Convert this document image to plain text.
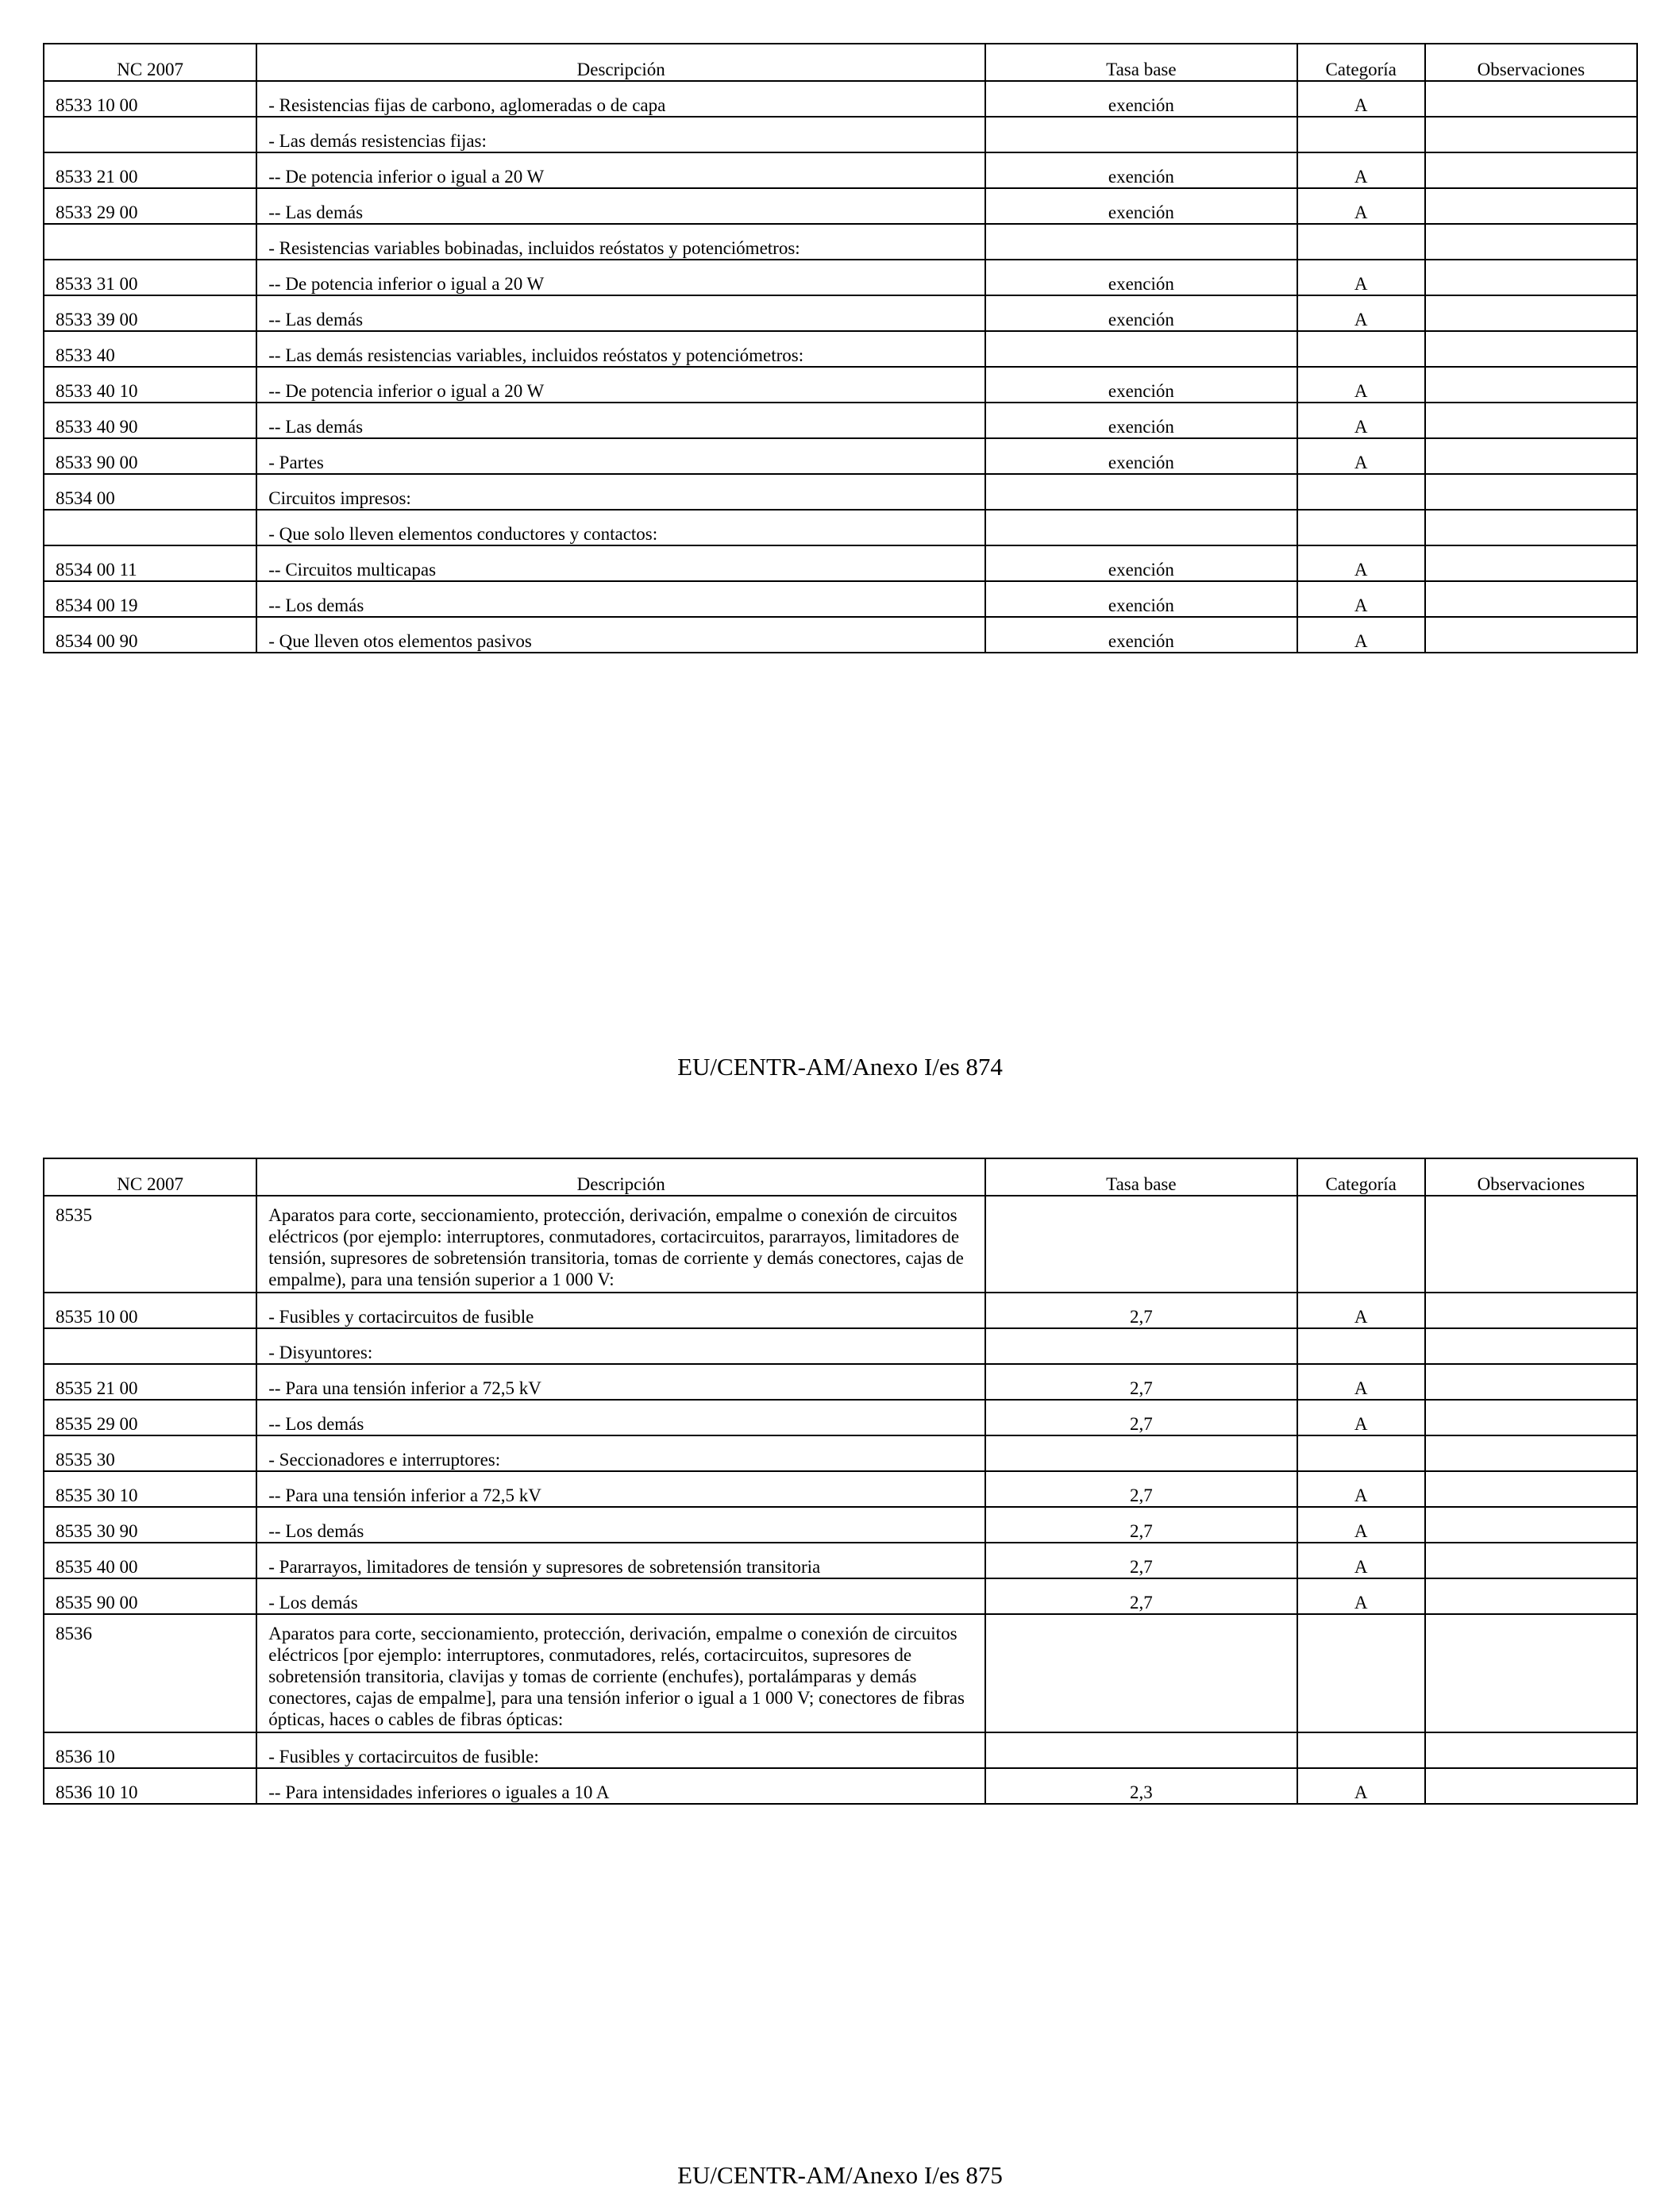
NC 2007	Descripción	Tasa base	Categoría	Observaciones
8533 10 00	- Resistencias fijas de carbono, aglomeradas o de capa	exención	A	
	- Las demás resistencias fijas:			
8533 21 00	-- De potencia inferior o igual a 20 W	exención	A	
8533 29 00	-- Las demás	exención	A	
	- Resistencias variables bobinadas, incluidos reóstatos y potenciómetros:			
8533 31 00	-- De potencia inferior o igual a 20 W	exención	A	
8533 39 00	-- Las demás	exención	A	
8533 40	-- Las demás resistencias variables, incluidos reóstatos y potenciómetros:			
8533 40 10	-- De potencia inferior o igual a 20 W	exención	A	
8533 40 90	-- Las demás	exención	A	
8533 90 00	- Partes	exención	A	
8534 00	Circuitos impresos:			
	- Que solo lleven elementos conductores y contactos:			
8534 00 11	-- Circuitos multicapas	exención	A	
8534 00 19	-- Los demás	exención	A	
8534 00 90	- Que lleven otos elementos pasivos	exención	A	
EU/CENTR-AM/Anexo I/es 874
NC 2007	Descripción	Tasa base	Categoría	Observaciones
8535	Aparatos para corte, seccionamiento, protección, derivación, empalme o conexión de circuitos eléctricos (por ejemplo: interruptores, conmutadores, cortacircuitos, pararrayos, limitadores de tensión, supresores de sobretensión transitoria, tomas de corriente y demás conectores, cajas de empalme), para una tensión superior a 1 000 V:			
8535 10 00	- Fusibles y cortacircuitos de fusible	2,7	A	
	- Disyuntores:			
8535 21 00	-- Para una tensión inferior a 72,5 kV	2,7	A	
8535 29 00	-- Los demás	2,7	A	
8535 30	- Seccionadores e interruptores:			
8535 30 10	-- Para una tensión inferior a 72,5 kV	2,7	A	
8535 30 90	-- Los demás	2,7	A	
8535 40 00	- Pararrayos, limitadores de tensión y supresores de sobretensión transitoria	2,7	A	
8535 90 00	- Los demás	2,7	A	
8536	Aparatos para corte, seccionamiento, protección, derivación, empalme o conexión de circuitos eléctricos [por ejemplo: interruptores, conmutadores, relés, cortacircuitos, supresores de sobretensión transitoria, clavijas y tomas de corriente (enchufes), portalámparas y demás conectores, cajas de empalme], para una tensión inferior o igual a 1 000 V; conectores de fibras ópticas, haces o cables de fibras ópticas:			
8536 10	- Fusibles y cortacircuitos de fusible:			
8536 10 10	-- Para intensidades inferiores o iguales a 10 A	2,3	A	
EU/CENTR-AM/Anexo I/es 875
